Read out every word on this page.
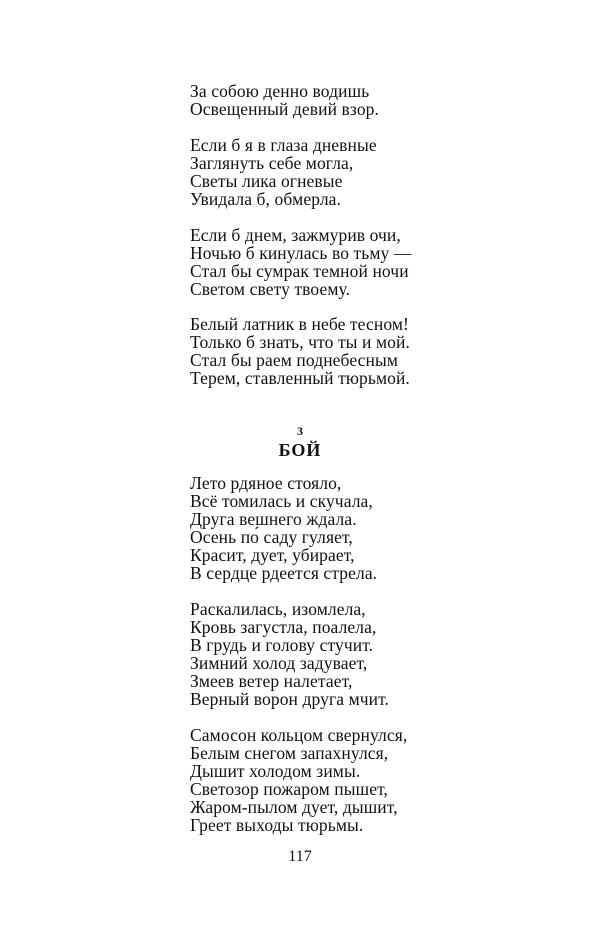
За собою денно водишь
Освещенный девий взор.
Если б я в глаза дневные
Заглянуть себе могла,
Светы лика огневые
Увидала б, обмерла.
Если б днем, зажмурив очи,
Ночью б кинулась во тьму —
Стал бы сумрак темной ночи
Светом свету твоему.
Белый латник в небе тесном!
Только б знать, что ты и мой.
Стал бы раем поднебесным
Терем, ставленный тюрьмой.
3
БОЙ
Лето рдяное стояло,
Всё томилась и скучала,
Друга вешнего ждала.
Осень по́ саду гуляет,
Красит, дует, убирает,
В сердце рдеется стрела.
Раскалилась, изомлела,
Кровь загустла, поалела,
В грудь и голову стучит.
Зимний холод задувает,
Змеев ветер налетает,
Верный ворон друга мчит.
Самосон кольцом свернулся,
Белым снегом запахнулся,
Дышит холодом зимы.
Светозор пожаром пышет,
Жаром-пылом дует, дышит,
Греет выходы тюрьмы.
117
